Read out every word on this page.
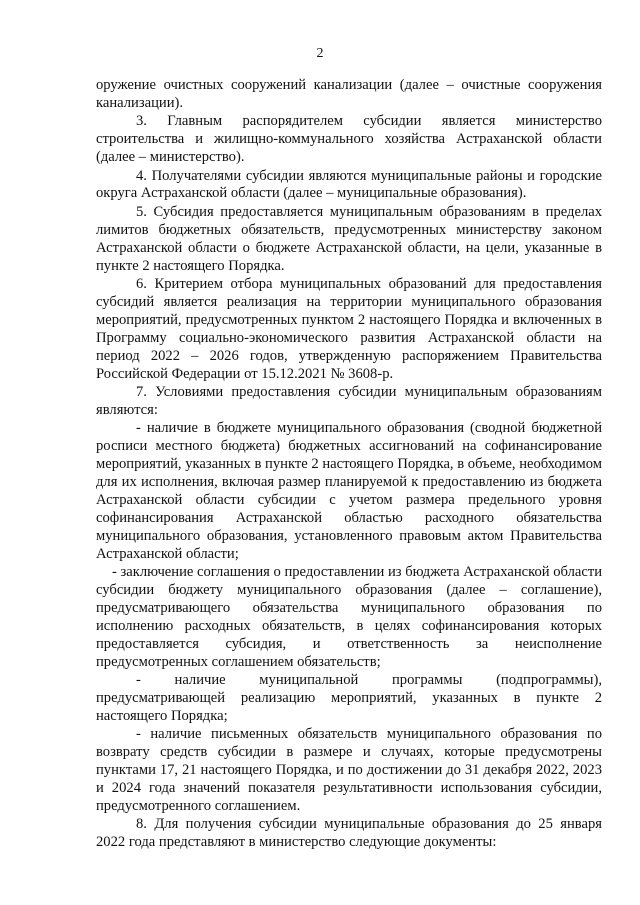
2

оружение очистных сооружений канализации (далее – очистные сооружения канализации).

3. Главным распорядителем субсидии является министерство строительства и жилищно-коммунального хозяйства Астраханской области (далее – министерство).

4. Получателями субсидии являются муниципальные районы и городские округа Астраханской области (далее – муниципальные образования).

5. Субсидия предоставляется муниципальным образованиям в пределах лимитов бюджетных обязательств, предусмотренных министерству законом Астраханской области о бюджете Астраханской области, на цели, указанные в пункте 2 настоящего Порядка.

6. Критерием отбора муниципальных образований для предоставления субсидий является реализация на территории муниципального образования мероприятий, предусмотренных пунктом 2 настоящего Порядка и включенных в Программу социально-экономического развития Астраханской области на период 2022 – 2026 годов, утвержденную распоряжением Правительства Российской Федерации от 15.12.2021 № 3608-р.

7. Условиями предоставления субсидии муниципальным образованиям являются:

- наличие в бюджете муниципального образования (сводной бюджетной росписи местного бюджета) бюджетных ассигнований на софинансирование мероприятий, указанных в пункте 2 настоящего Порядка, в объеме, необходимом для их исполнения, включая размер планируемой к предоставлению из бюджета Астраханской области субсидии с учетом размера предельного уровня софинансирования Астраханской областью расходного обязательства муниципального образования, установленного правовым актом Правительства Астраханской области;

- заключение соглашения о предоставлении из бюджета Астраханской области субсидии бюджету муниципального образования (далее – соглашение), предусматривающего обязательства муниципального образования по исполнению расходных обязательств, в целях софинансирования которых предоставляется субсидия, и ответственность за неисполнение предусмотренных соглашением обязательств;

- наличие муниципальной программы (подпрограммы), предусматривающей реализацию мероприятий, указанных в пункте 2 настоящего Порядка;

- наличие письменных обязательств муниципального образования по возврату средств субсидии в размере и случаях, которые предусмотрены пунктами 17, 21 настоящего Порядка, и по достижении до 31 декабря 2022, 2023 и 2024 года значений показателя результативности использования субсидии, предусмотренного соглашением.

8. Для получения субсидии муниципальные образования до 25 января 2022 года представляют в министерство следующие документы:
